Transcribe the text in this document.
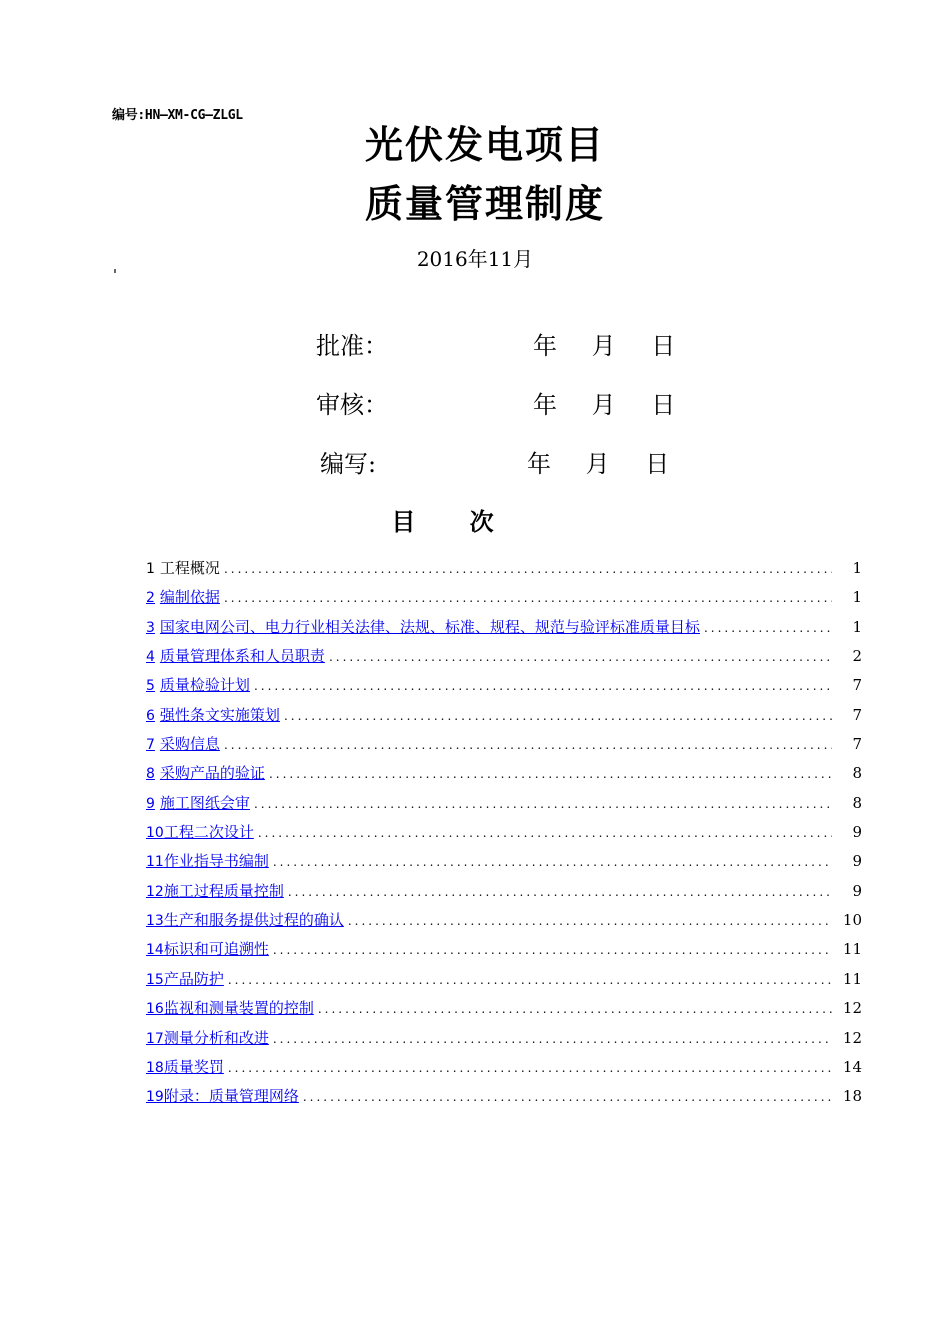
编号:HN—XM-CG—ZLGL
光伏发电项目
质量管理制度
2016年11月
批准：	年 月 日
审核：	年 月 日
编写:	年 月 日
目 次
1 工程概况 .....	1
2 编制依据 .....	1
3 国家电网公司、电力行业相关法律、法规、标准、规程、规范与验评标准质量目标 .....	1
4 质量管理体系和人员职责 .....	2
5 质量检验计划 .....	7
6 强性条文实施策划 .....	7
7 采购信息 .....	7
8 采购产品的验证 .....	8
9 施工图纸会审 .....	8
10 工程二次设计 .....	9
11 作业指导书编制 .....	9
12 施工过程质量控制 .....	9
13 生产和服务提供过程的确认 .....	10
14 标识和可追溯性 .....	11
15 产品防护 .....	11
16 监视和测量装置的控制 .....	12
17 测量分析和改进 .....	12
18 质量奖罚 .....	14
19 附录：质量管理网络 .....	18
